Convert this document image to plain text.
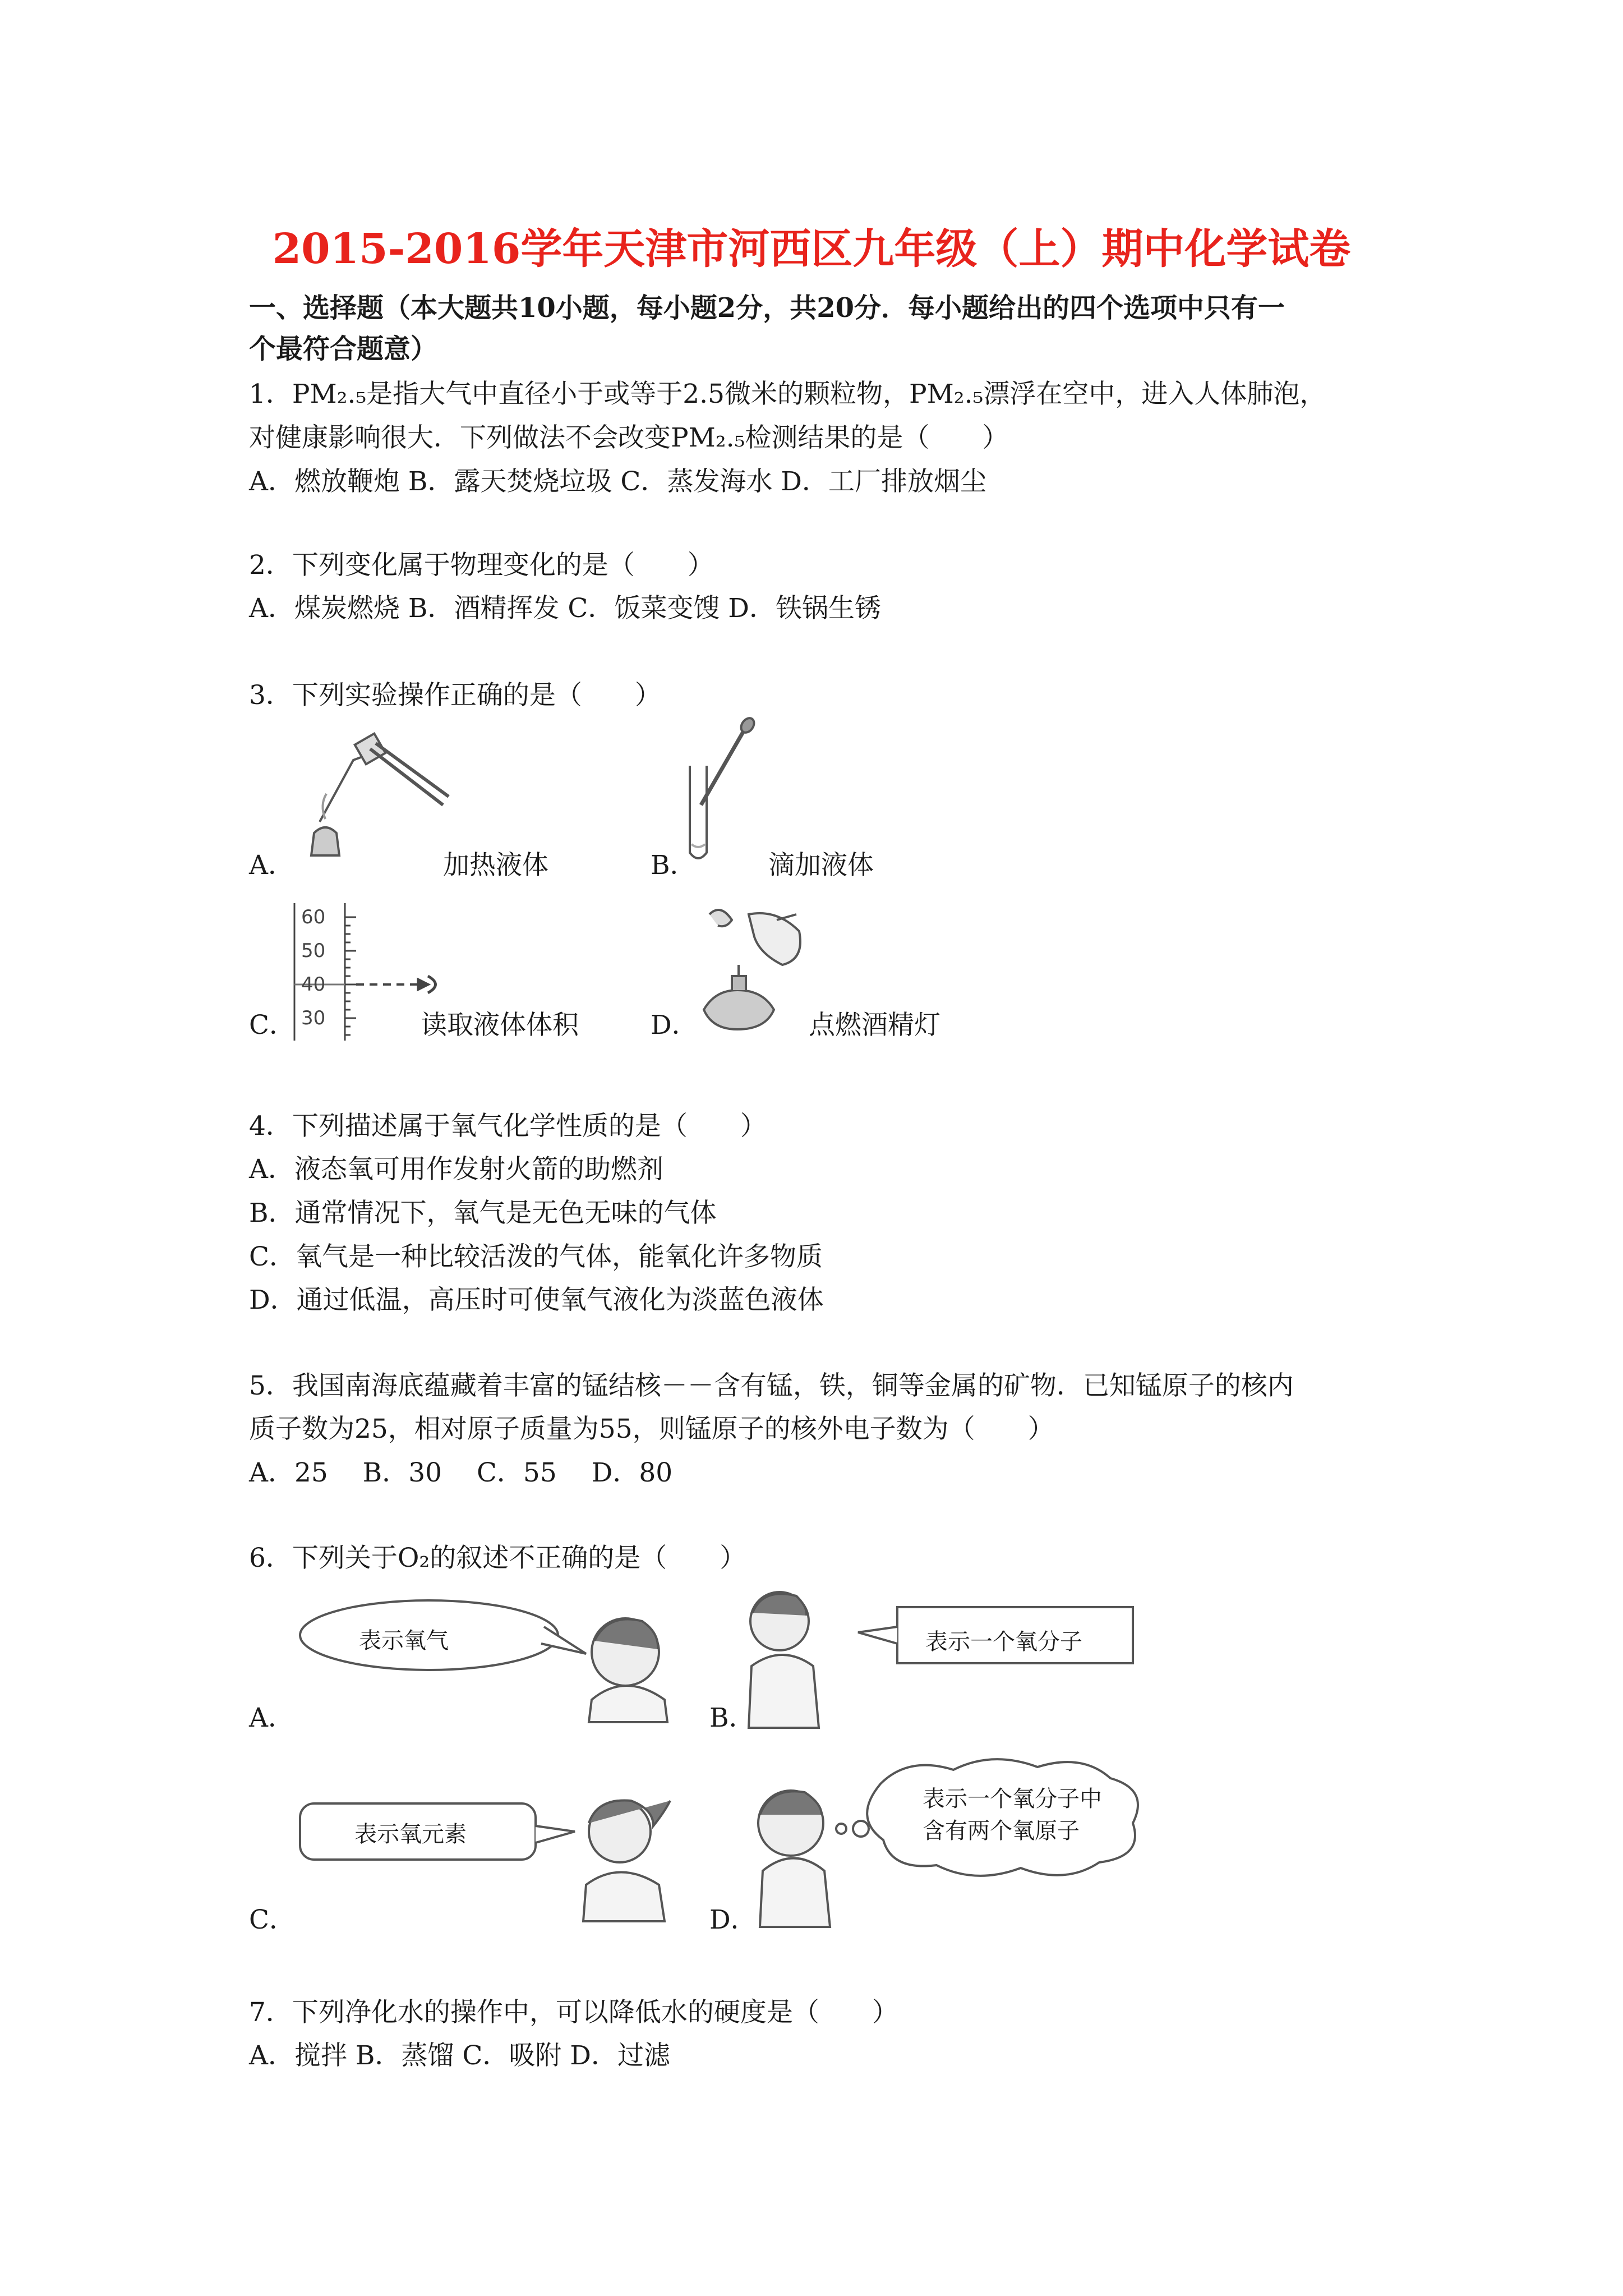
2015-2016学年天津市河西区九年级（上）期中化学试卷
一、选择题（本大题共10小题，每小题2分，共20分．每小题给出的四个选项中只有一
个最符合题意）
1．PM₂.₅是指大气中直径小于或等于2.5微米的颗粒物，PM₂.₅漂浮在空中，进入人体肺泡，
对健康影响很大．下列做法不会改变PM₂.₅检测结果的是（　　）
A．燃放鞭炮 B．露天焚烧垃圾 C．蒸发海水 D．工厂排放烟尘
2．下列变化属于物理变化的是（　　）
A．煤炭燃烧 B．酒精挥发 C．饭菜变馊 D．铁锅生锈
3．下列实验操作正确的是（　　）
A．	加热液体	B．	滴加液体
60
50
40
30
C．	读取液体体积	D．	点燃酒精灯
4．下列描述属于氧气化学性质的是（　　）
A．液态氧可用作发射火箭的助燃剂
B．通常情况下，氧气是无色无味的气体
C．氧气是一种比较活泼的气体，能氧化许多物质
D．通过低温，高压时可使氧气液化为淡蓝色液体
5．我国南海底蕴藏着丰富的锰结核－－含有锰，铁，铜等金属的矿物．已知锰原子的核内
质子数为25，相对原子质量为55，则锰原子的核外电子数为（　　）
A．25　 B．30　 C．55　 D．80
6．下列关于O₂的叙述不正确的是（　　）
表示氧气
A．
表示一个氧分子
B．
表示氧元素
C．
表示一个氧分子中
含有两个氧原子
D．
7．下列净化水的操作中，可以降低水的硬度是（　　）
A．搅拌 B．蒸馏 C．吸附 D．过滤
